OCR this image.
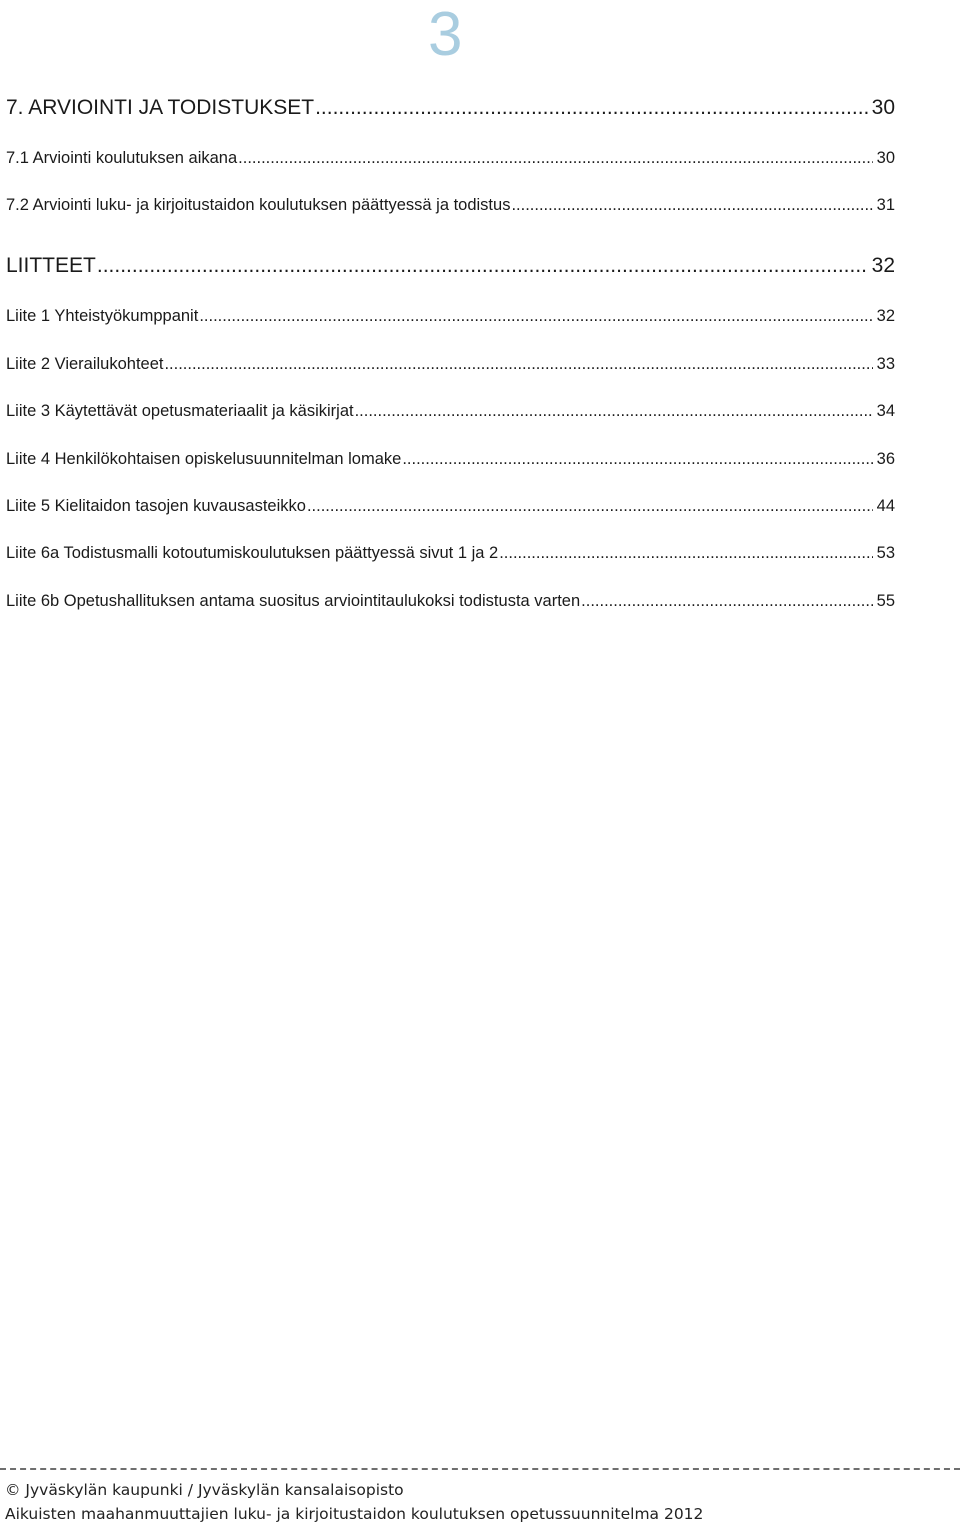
3
7. ARVIOINTI JA TODISTUKSET .....	30
7.1 Arviointi koulutuksen aikana .....	30
7.2 Arviointi luku- ja kirjoitustaidon koulutuksen päättyessä ja todistus .....	31
LIITTEET .....	32
Liite 1 Yhteistyökumppanit .....	32
Liite 2 Vierailukohteet .....	33
Liite 3 Käytettävät opetusmateriaalit ja käsikirjat .....	34
Liite 4 Henkilökohtaisen opiskelusuunnitelman lomake .....	36
Liite 5 Kielitaidon tasojen kuvausasteikko .....	44
Liite 6a Todistusmalli kotoutumiskoulutuksen päättyessä sivut 1 ja 2 .....	53
Liite 6b Opetushallituksen antama suositus arviointitaulukoksi todistusta varten .....	55
© Jyväskylän kaupunki / Jyväskylän kansalaisopisto
Aikuisten maahanmuuttajien luku- ja kirjoitustaidon koulutuksen opetussuunnitelma 2012
